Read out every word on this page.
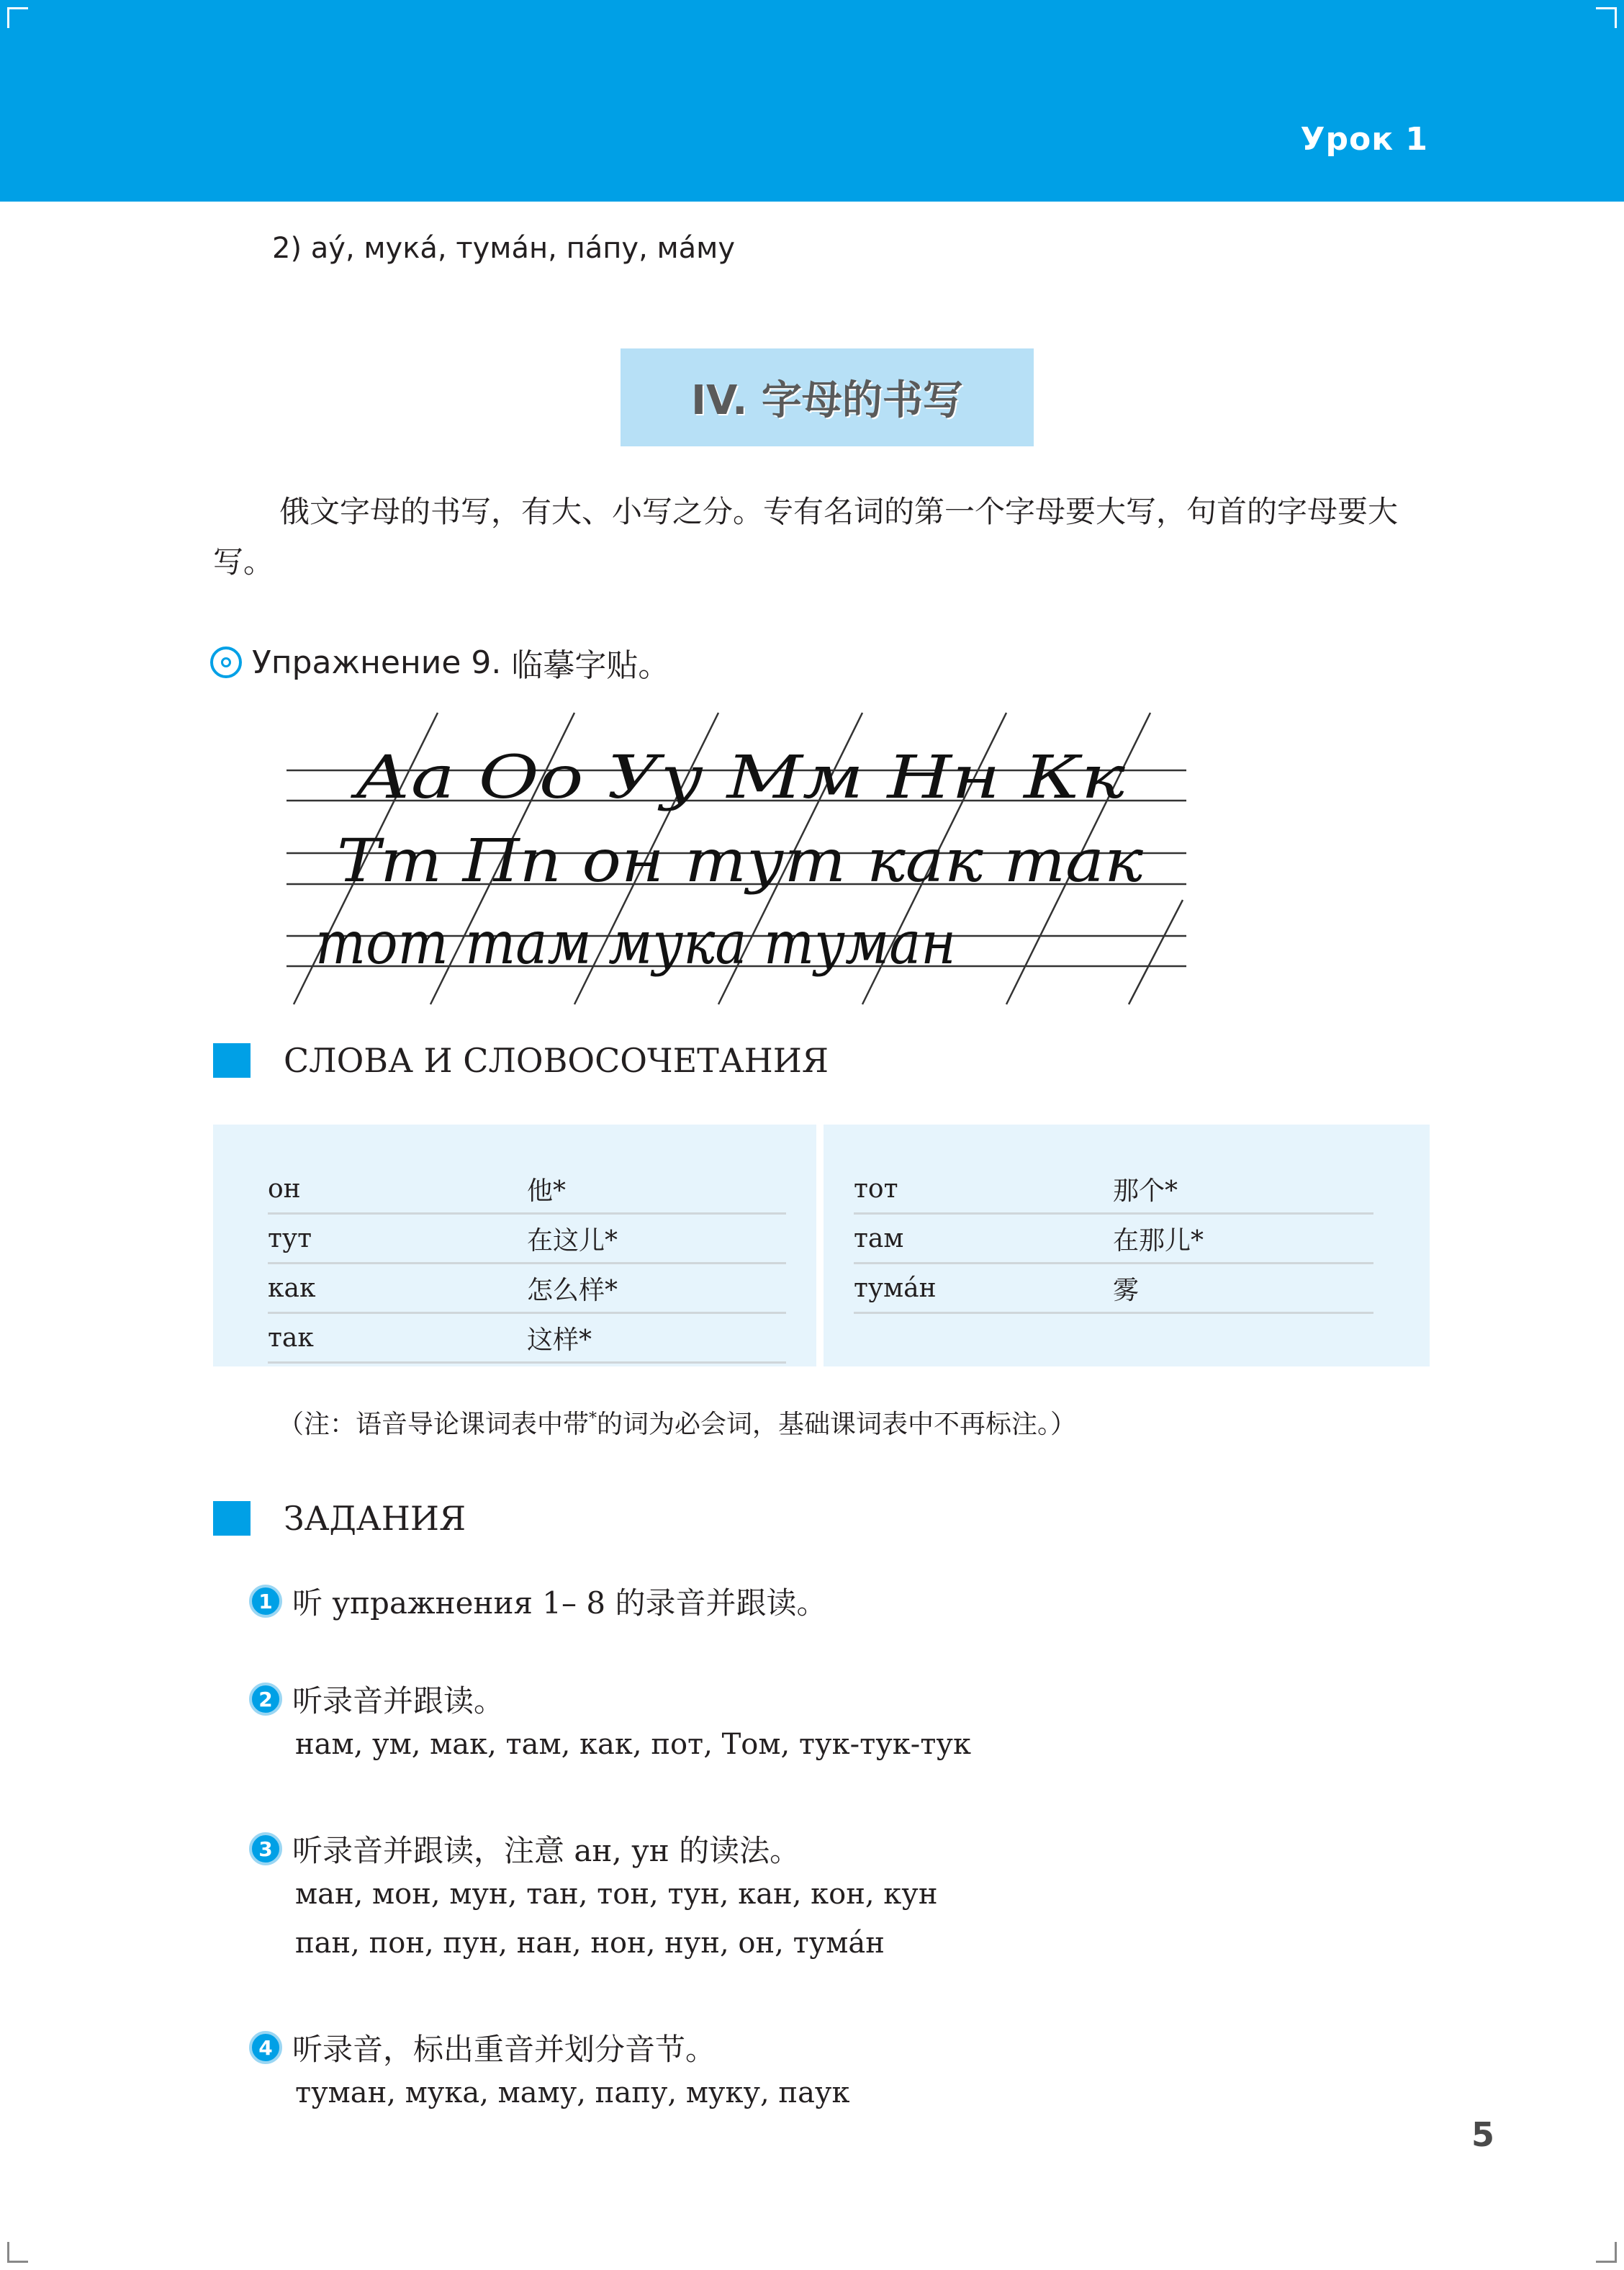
Урок 1
2) ау́, мука́, тума́н, па́пу, ма́му
IV. 字母的书写
俄文字母的书写，有大、小写之分。专有名词的第一个字母要大写，句首的字母要大写。
Упражнение 9. 临摹字贴。
Аа Оо Уу Мм Нн Кк
Тт Пп он тут как так
тот там мука туман
СЛОВА И СЛОВОСОЧЕТАНИЯ
он	他*
тут	在这儿*
как	怎么样*
так	这样*
тот	那个*
там	在那儿*
тума́н	雾
（注：语音导论课词表中带*的词为必会词，基础课词表中不再标注。）
ЗАДАНИЯ
1 听 упражнения 1– 8 的录音并跟读。
2 听录音并跟读。
нам, ум, мак, там, как, пот, Том, тук-тук-тук
3 听录音并跟读，注意 ан, ун 的读法。
ман, мон, мун, тан, тон, тун, кан, кон, кун
пан, пон, пун, нан, нон, нун, он, тума́н
4 听录音，标出重音并划分音节。
туман, мука, маму, папу, муку, паук
5
